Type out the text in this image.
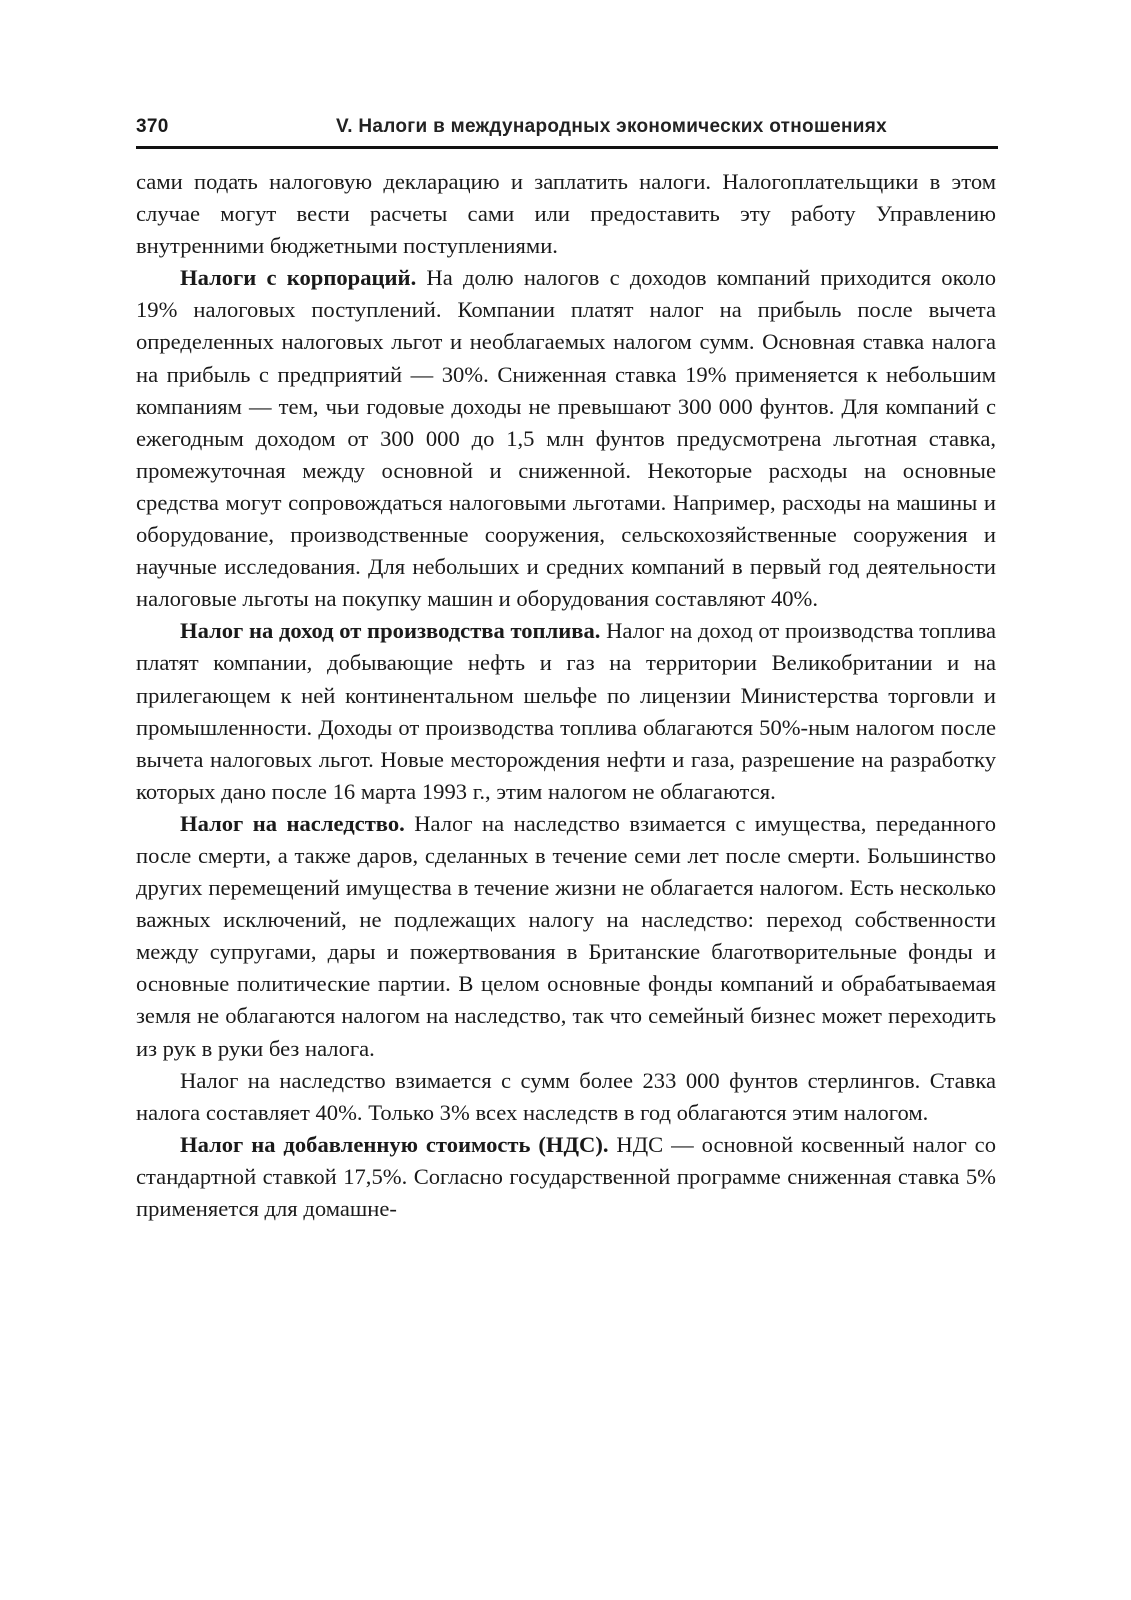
370	V. Налоги в международных экономических отношениях

сами подать налоговую декларацию и заплатить налоги. Налогоплательщики в этом случае могут вести расчеты сами или предоставить эту работу Управлению внутренними бюджетными поступлениями.

Налоги с корпораций. На долю налогов с доходов компаний приходится около 19% налоговых поступлений. Компании платят налог на прибыль после вычета определенных налоговых льгот и необлагаемых налогом сумм. Основная ставка налога на прибыль с предприятий — 30%. Сниженная ставка 19% применяется к небольшим компаниям — тем, чьи годовые доходы не превышают 300 000 фунтов. Для компаний с ежегодным доходом от 300 000 до 1,5 млн фунтов предусмотрена льготная ставка, промежуточная между основной и сниженной. Некоторые расходы на основные средства могут сопровождаться налоговыми льготами. Например, расходы на машины и оборудование, производственные сооружения, сельскохозяйственные сооружения и научные исследования. Для небольших и средних компаний в первый год деятельности налоговые льготы на покупку машин и оборудования составляют 40%.

Налог на доход от производства топлива. Налог на доход от производства топлива платят компании, добывающие нефть и газ на территории Великобритании и на прилегающем к ней континентальном шельфе по лицензии Министерства торговли и промышленности. Доходы от производства топлива облагаются 50%-ным налогом после вычета налоговых льгот. Новые месторождения нефти и газа, разрешение на разработку которых дано после 16 марта 1993 г., этим налогом не облагаются.

Налог на наследство. Налог на наследство взимается с имущества, переданного после смерти, а также даров, сделанных в течение семи лет после смерти. Большинство других перемещений имущества в течение жизни не облагается налогом. Есть несколько важных исключений, не подлежащих налогу на наследство: переход собственности между супругами, дары и пожертвования в Британские благотворительные фонды и основные политические партии. В целом основные фонды компаний и обрабатываемая земля не облагаются налогом на наследство, так что семейный бизнес может переходить из рук в руки без налога.

Налог на наследство взимается с сумм более 233 000 фунтов стерлингов. Ставка налога составляет 40%. Только 3% всех наследств в год облагаются этим налогом.

Налог на добавленную стоимость (НДС). НДС — основной косвенный налог со стандартной ставкой 17,5%. Согласно государственной программе сниженная ставка 5% применяется для домашне-
